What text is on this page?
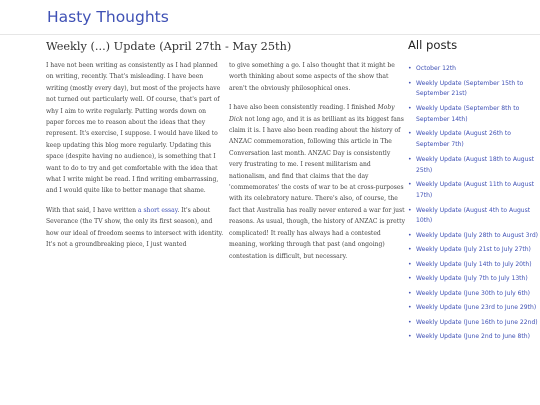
Hasty Thoughts
Weekly (...) Update (April 27th - May 25th)

I have not been writing as consistently as I had planned on writing, recently. That's misleading. I have been writing (mostly every day), but most of the projects have not turned out particularly well. Of course, that's part of why I aim to write regularly. Putting words down on paper forces me to reason about the ideas that they represent. It's exercise, I suppose. I would have liked to keep updating this blog more regularly. Updating this space (despite having no audience), is something that I want to do to try and get comfortable with the idea that what I write might be read. I find writing embarrassing, and I would quite like to better manage that shame.

With that said, I have written a short essay. It's about Severance (the TV show, the only its first season), and how our ideal of freedom seems to intersect with identity. It's not a groundbreaking piece, I just wanted

to give something a go. I also thought that it might be worth thinking about some aspects of the show that aren't the obviously philosophical ones.

I have also been consistently reading. I finished Moby Dick not long ago, and it is as brilliant as its biggest fans claim it is. I have also been reading about the history of ANZAC commemoration, following this article in The Conversation last month. ANZAC Day is consistently very frustrating to me. I resent militarism and nationalism, and find that claims that the day 'commemorates' the costs of war to be at cross-purposes with its celebratory nature. There's also, of course, the fact that Australia has really never entered a war for just reasons. As usual, though, the history of ANZAC is pretty complicated! It really has always had a contested meaning, working through that past (and ongoing) contestation is difficult, but necessary.

All posts
• October 12th
• Weekly Update (September 15th to September 21st)
• Weekly Update (September 8th to September 14th)
• Weekly Update (August 26th to September 7th)
• Weekly Update (August 18th to August 25th)
• Weekly Update (August 11th to August 17th)
• Weekly Update (August 4th to August 10th)
• Weekly Update (July 28th to August 3rd)
• Weekly Update (July 21st to July 27th)
• Weekly Update (July 14th to July 20th)
• Weekly Update (July 7th to July 13th)
• Weekly Update (June 30th to July 6th)
• Weekly Update (June 23rd to June 29th)
• Weekly Update (June 16th to June 22nd)
• Weekly Update (June 2nd to June 8th)
